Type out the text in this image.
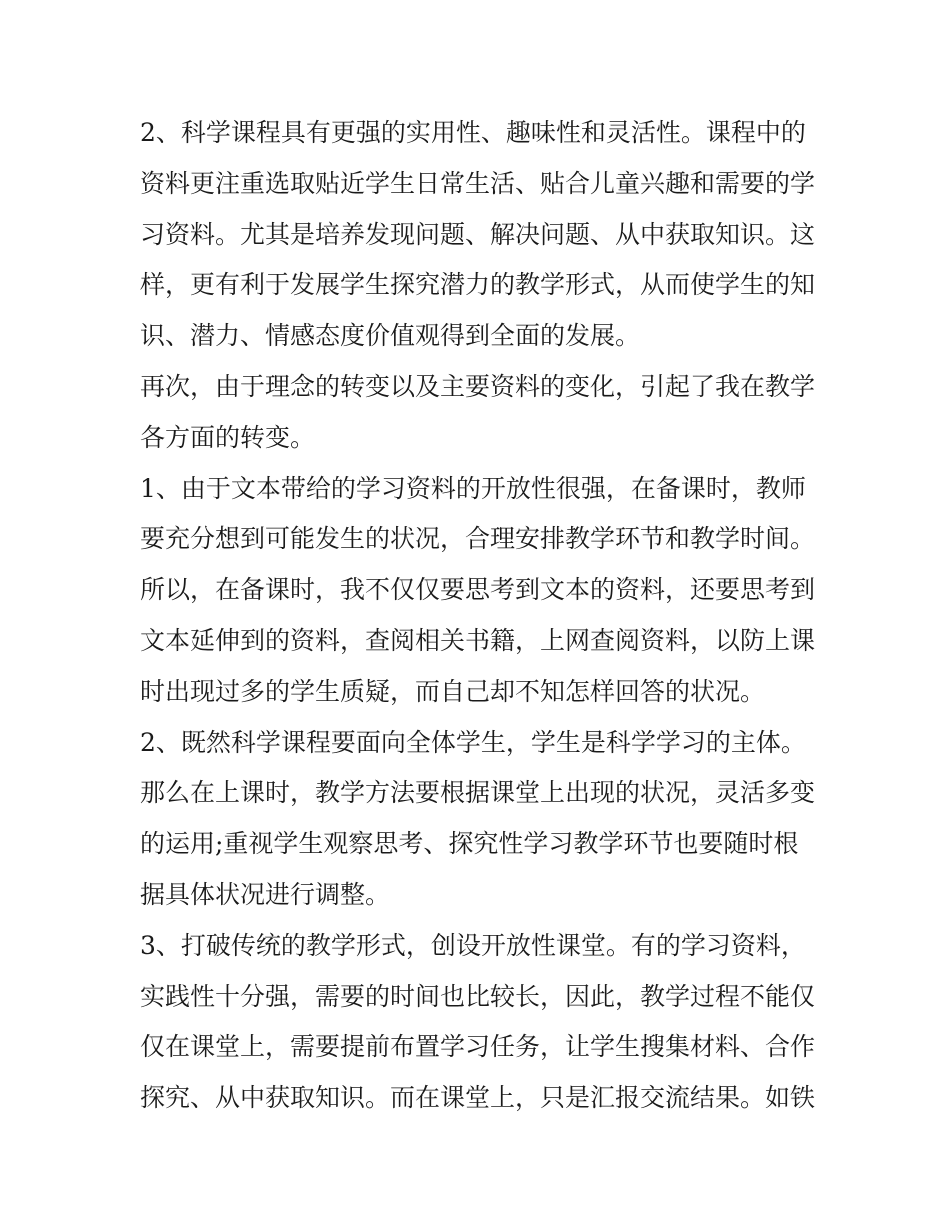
2、科学课程具有更强的实用性、趣味性和灵活性。课程中的
资料更注重选取贴近学生日常生活、贴合儿童兴趣和需要的学
习资料。尤其是培养发现问题、解决问题、从中获取知识。这
样，更有利于发展学生探究潜力的教学形式，从而使学生的知
识、潜力、情感态度价值观得到全面的发展。
再次，由于理念的转变以及主要资料的变化，引起了我在教学
各方面的转变。
1、由于文本带给的学习资料的开放性很强，在备课时，教师
要充分想到可能发生的状况，合理安排教学环节和教学时间。
所以，在备课时，我不仅仅要思考到文本的资料，还要思考到
文本延伸到的资料，查阅相关书籍，上网查阅资料，以防上课
时出现过多的学生质疑，而自己却不知怎样回答的状况。
2、既然科学课程要面向全体学生，学生是科学学习的主体。
那么在上课时，教学方法要根据课堂上出现的状况，灵活多变
的运用;重视学生观察思考、探究性学习教学环节也要随时根
据具体状况进行调整。
3、打破传统的教学形式，创设开放性课堂。有的学习资料，
实践性十分强，需要的时间也比较长，因此，教学过程不能仅
仅在课堂上，需要提前布置学习任务，让学生搜集材料、合作
探究、从中获取知识。而在课堂上，只是汇报交流结果。如铁
